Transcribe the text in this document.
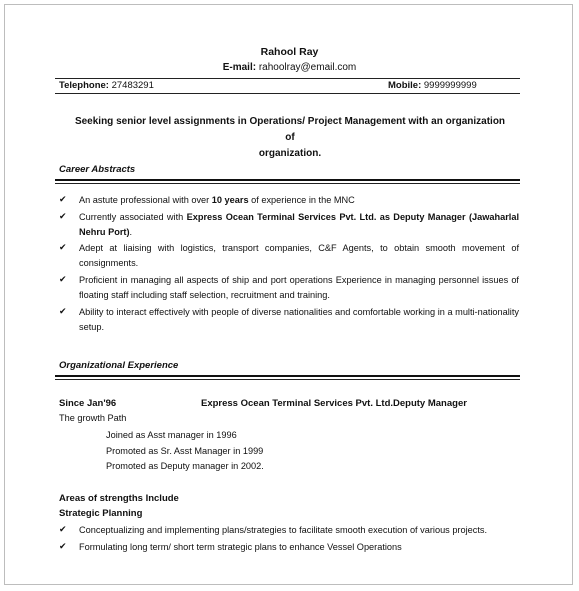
Rahool Ray
E-mail: rahoolray@email.com
Telephone: 27483291	Mobile: 9999999999
Seeking senior level assignments in Operations/ Project Management with an organization of
organization.
Career Abstracts
✔ An astute professional with over 10 years of experience in the MNC
✔ Currently associated with Express Ocean Terminal Services Pvt. Ltd. as Deputy Manager (Jawaharlal Nehru Port).
✔ Adept at liaising with logistics, transport companies, C&F Agents, to obtain smooth movement of consignments.
✔ Proficient in managing all aspects of ship and port operations Experience in managing personnel issues of floating staff including staff selection, recruitment and training.
✔ Ability to interact effectively with people of diverse nationalities and comfortable working in a multi-nationality setup.
Organizational Experience
Since Jan'96	Express Ocean Terminal Services Pvt. Ltd.Deputy Manager
The growth Path
Joined as Asst manager in 1996
Promoted as Sr. Asst Manager in 1999
Promoted as Deputy manager in 2002.
Areas of strengths Include
Strategic Planning
✔ Conceptualizing and implementing plans/strategies to facilitate smooth execution of various projects.
✔ Formulating long term/ short term strategic plans to enhance Vessel Operations
